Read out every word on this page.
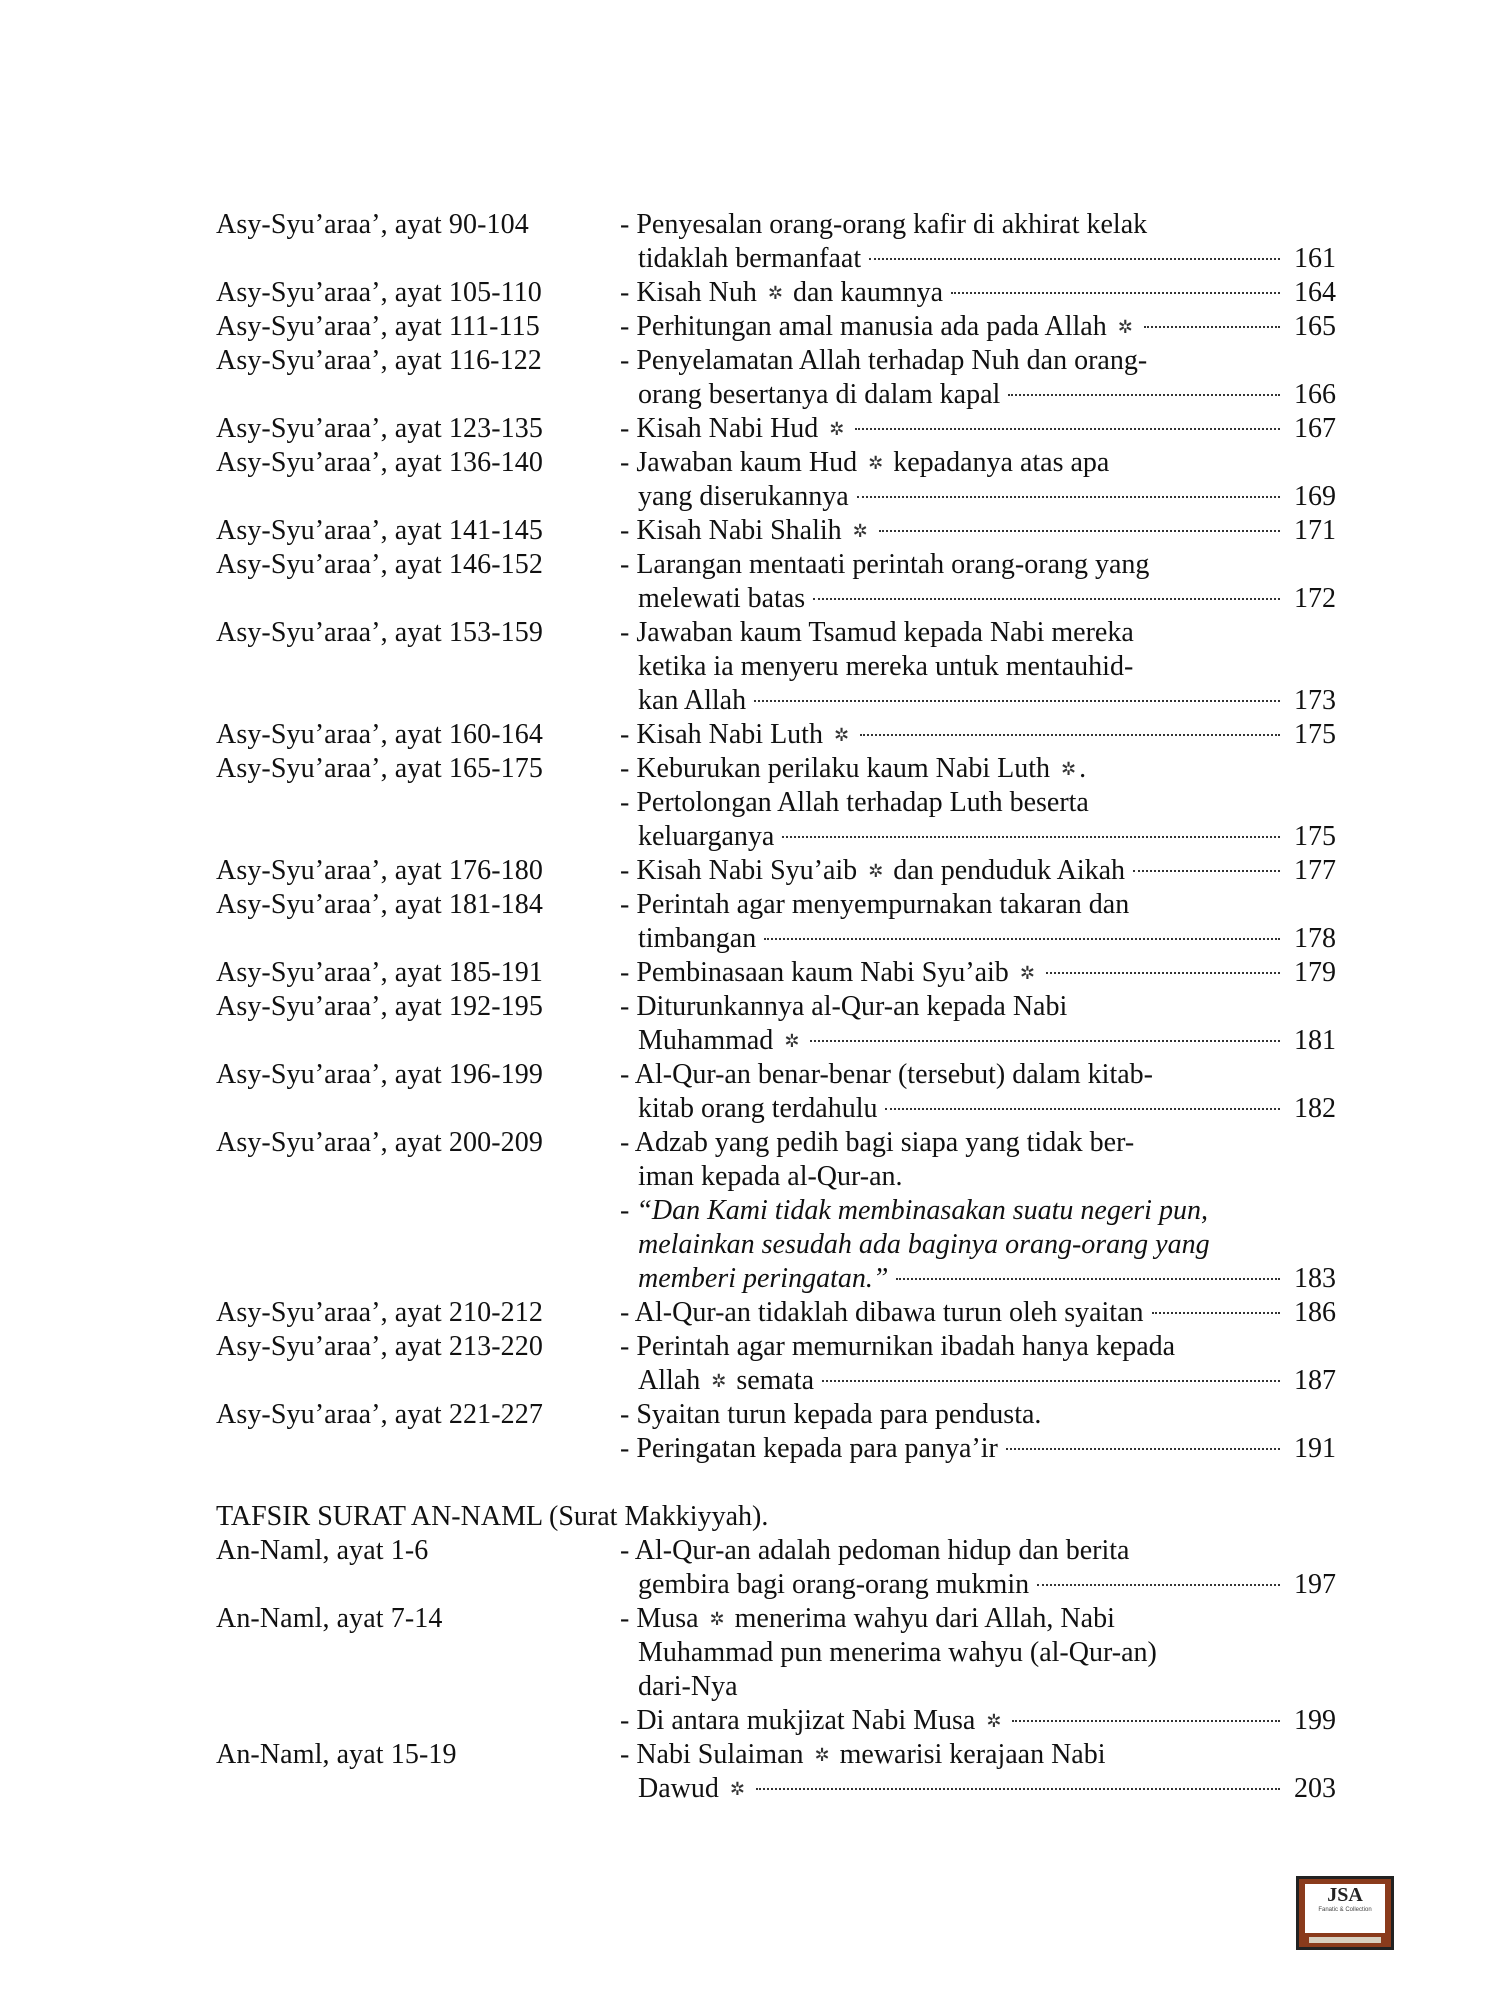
Asy-Syu’araa’, ayat 90-104	- Penyesalan orang-orang kafir di akhirat kelak
tidaklah bermanfaat	161
Asy-Syu’araa’, ayat 105-110	- Kisah Nuh ✲ dan kaumnya	164
Asy-Syu’araa’, ayat 111-115	- Perhitungan amal manusia ada pada Allah ✲	165
Asy-Syu’araa’, ayat 116-122	- Penyelamatan Allah terhadap Nuh dan orang-
orang besertanya di dalam kapal	166
Asy-Syu’araa’, ayat 123-135	- Kisah Nabi Hud ✲	167
Asy-Syu’araa’, ayat 136-140	- Jawaban kaum Hud ✲ kepadanya atas apa
yang diserukannya	169
Asy-Syu’araa’, ayat 141-145	- Kisah Nabi Shalih ✲	171
Asy-Syu’araa’, ayat 146-152	- Larangan mentaati perintah orang-orang yang
melewati batas	172
Asy-Syu’araa’, ayat 153-159	- Jawaban kaum Tsamud kepada Nabi mereka
ketika ia menyeru mereka untuk mentauhid-
kan Allah	173
Asy-Syu’araa’, ayat 160-164	- Kisah Nabi Luth ✲	175
Asy-Syu’araa’, ayat 165-175	- Keburukan perilaku kaum Nabi Luth ✲ .
- Pertolongan Allah terhadap Luth beserta
keluarganya	175
Asy-Syu’araa’, ayat 176-180	- Kisah Nabi Syu’aib ✲ dan penduduk Aikah	177
Asy-Syu’araa’, ayat 181-184	- Perintah agar menyempurnakan takaran dan
timbangan	178
Asy-Syu’araa’, ayat 185-191	- Pembinasaan kaum Nabi Syu’aib ✲	179
Asy-Syu’araa’, ayat 192-195	- Diturunkannya al-Qur-an kepada Nabi
Muhammad ✲	181
Asy-Syu’araa’, ayat 196-199	- Al-Qur-an benar-benar (tersebut) dalam kitab-
kitab orang terdahulu	182
Asy-Syu’araa’, ayat 200-209	- Adzab yang pedih bagi siapa yang tidak ber-
iman kepada al-Qur-an.
- “Dan Kami tidak membinasakan suatu negeri pun,
melainkan sesudah ada baginya orang-orang yang
memberi peringatan.”	183
Asy-Syu’araa’, ayat 210-212	- Al-Qur-an tidaklah dibawa turun oleh syaitan	186
Asy-Syu’araa’, ayat 213-220	- Perintah agar memurnikan ibadah hanya kepada
Allah ✲ semata	187
Asy-Syu’araa’, ayat 221-227	- Syaitan turun kepada para pendusta.
- Peringatan kepada para panya’ir	191
TAFSIR SURAT AN-NAML (Surat Makkiyyah).
An-Naml, ayat 1-6	- Al-Qur-an adalah pedoman hidup dan berita
gembira bagi orang-orang mukmin	197
An-Naml, ayat 7-14	- Musa ✲ menerima wahyu dari Allah, Nabi
Muhammad pun menerima wahyu (al-Qur-an)
dari-Nya
- Di antara mukjizat Nabi Musa ✲	199
An-Naml, ayat 15-19	- Nabi Sulaiman ✲ mewarisi kerajaan Nabi
Dawud ✲	203
JSA
Fanatic & Collection
